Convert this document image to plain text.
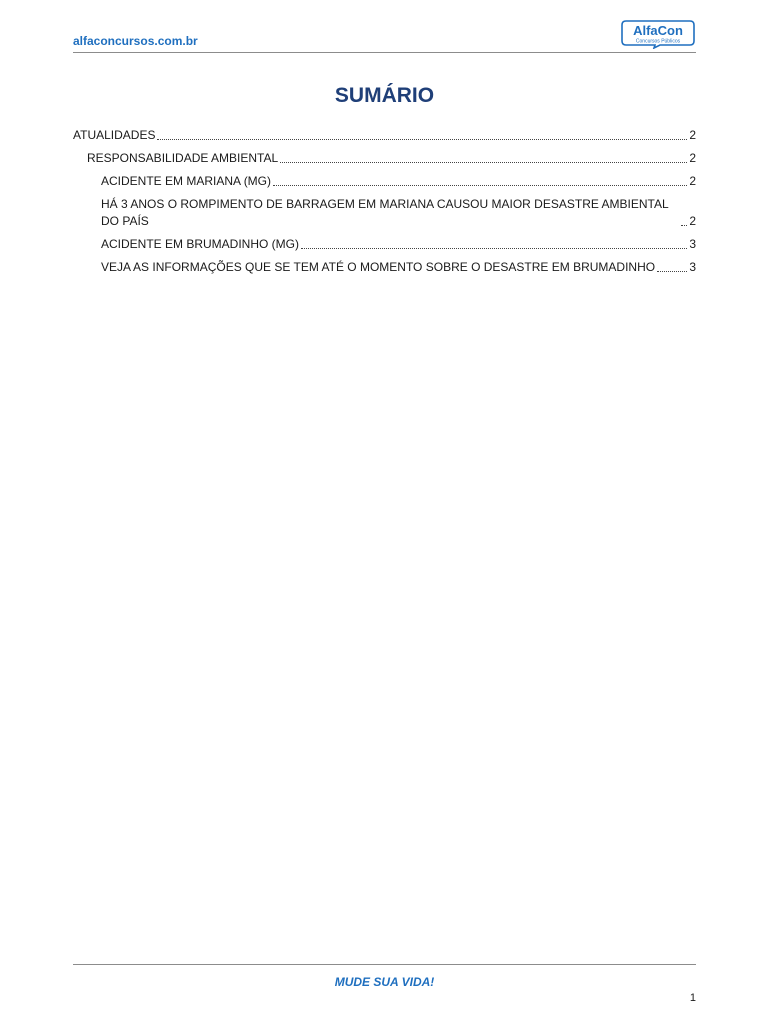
alfaconcursos.com.br
AlfaCon
Concursos Públicos
SUMÁRIO
ATUALIDADES	2
RESPONSABILIDADE AMBIENTAL	2
ACIDENTE EM MARIANA (MG)	2
HÁ 3 ANOS O ROMPIMENTO DE BARRAGEM EM MARIANA CAUSOU MAIOR DESASTRE AMBIENTAL DO PAÍS	2
ACIDENTE EM BRUMADINHO (MG)	3
VEJA AS INFORMAÇÕES QUE SE TEM ATÉ O MOMENTO SOBRE O DESASTRE EM BRUMADINHO	3
MUDE SUA VIDA!
1
